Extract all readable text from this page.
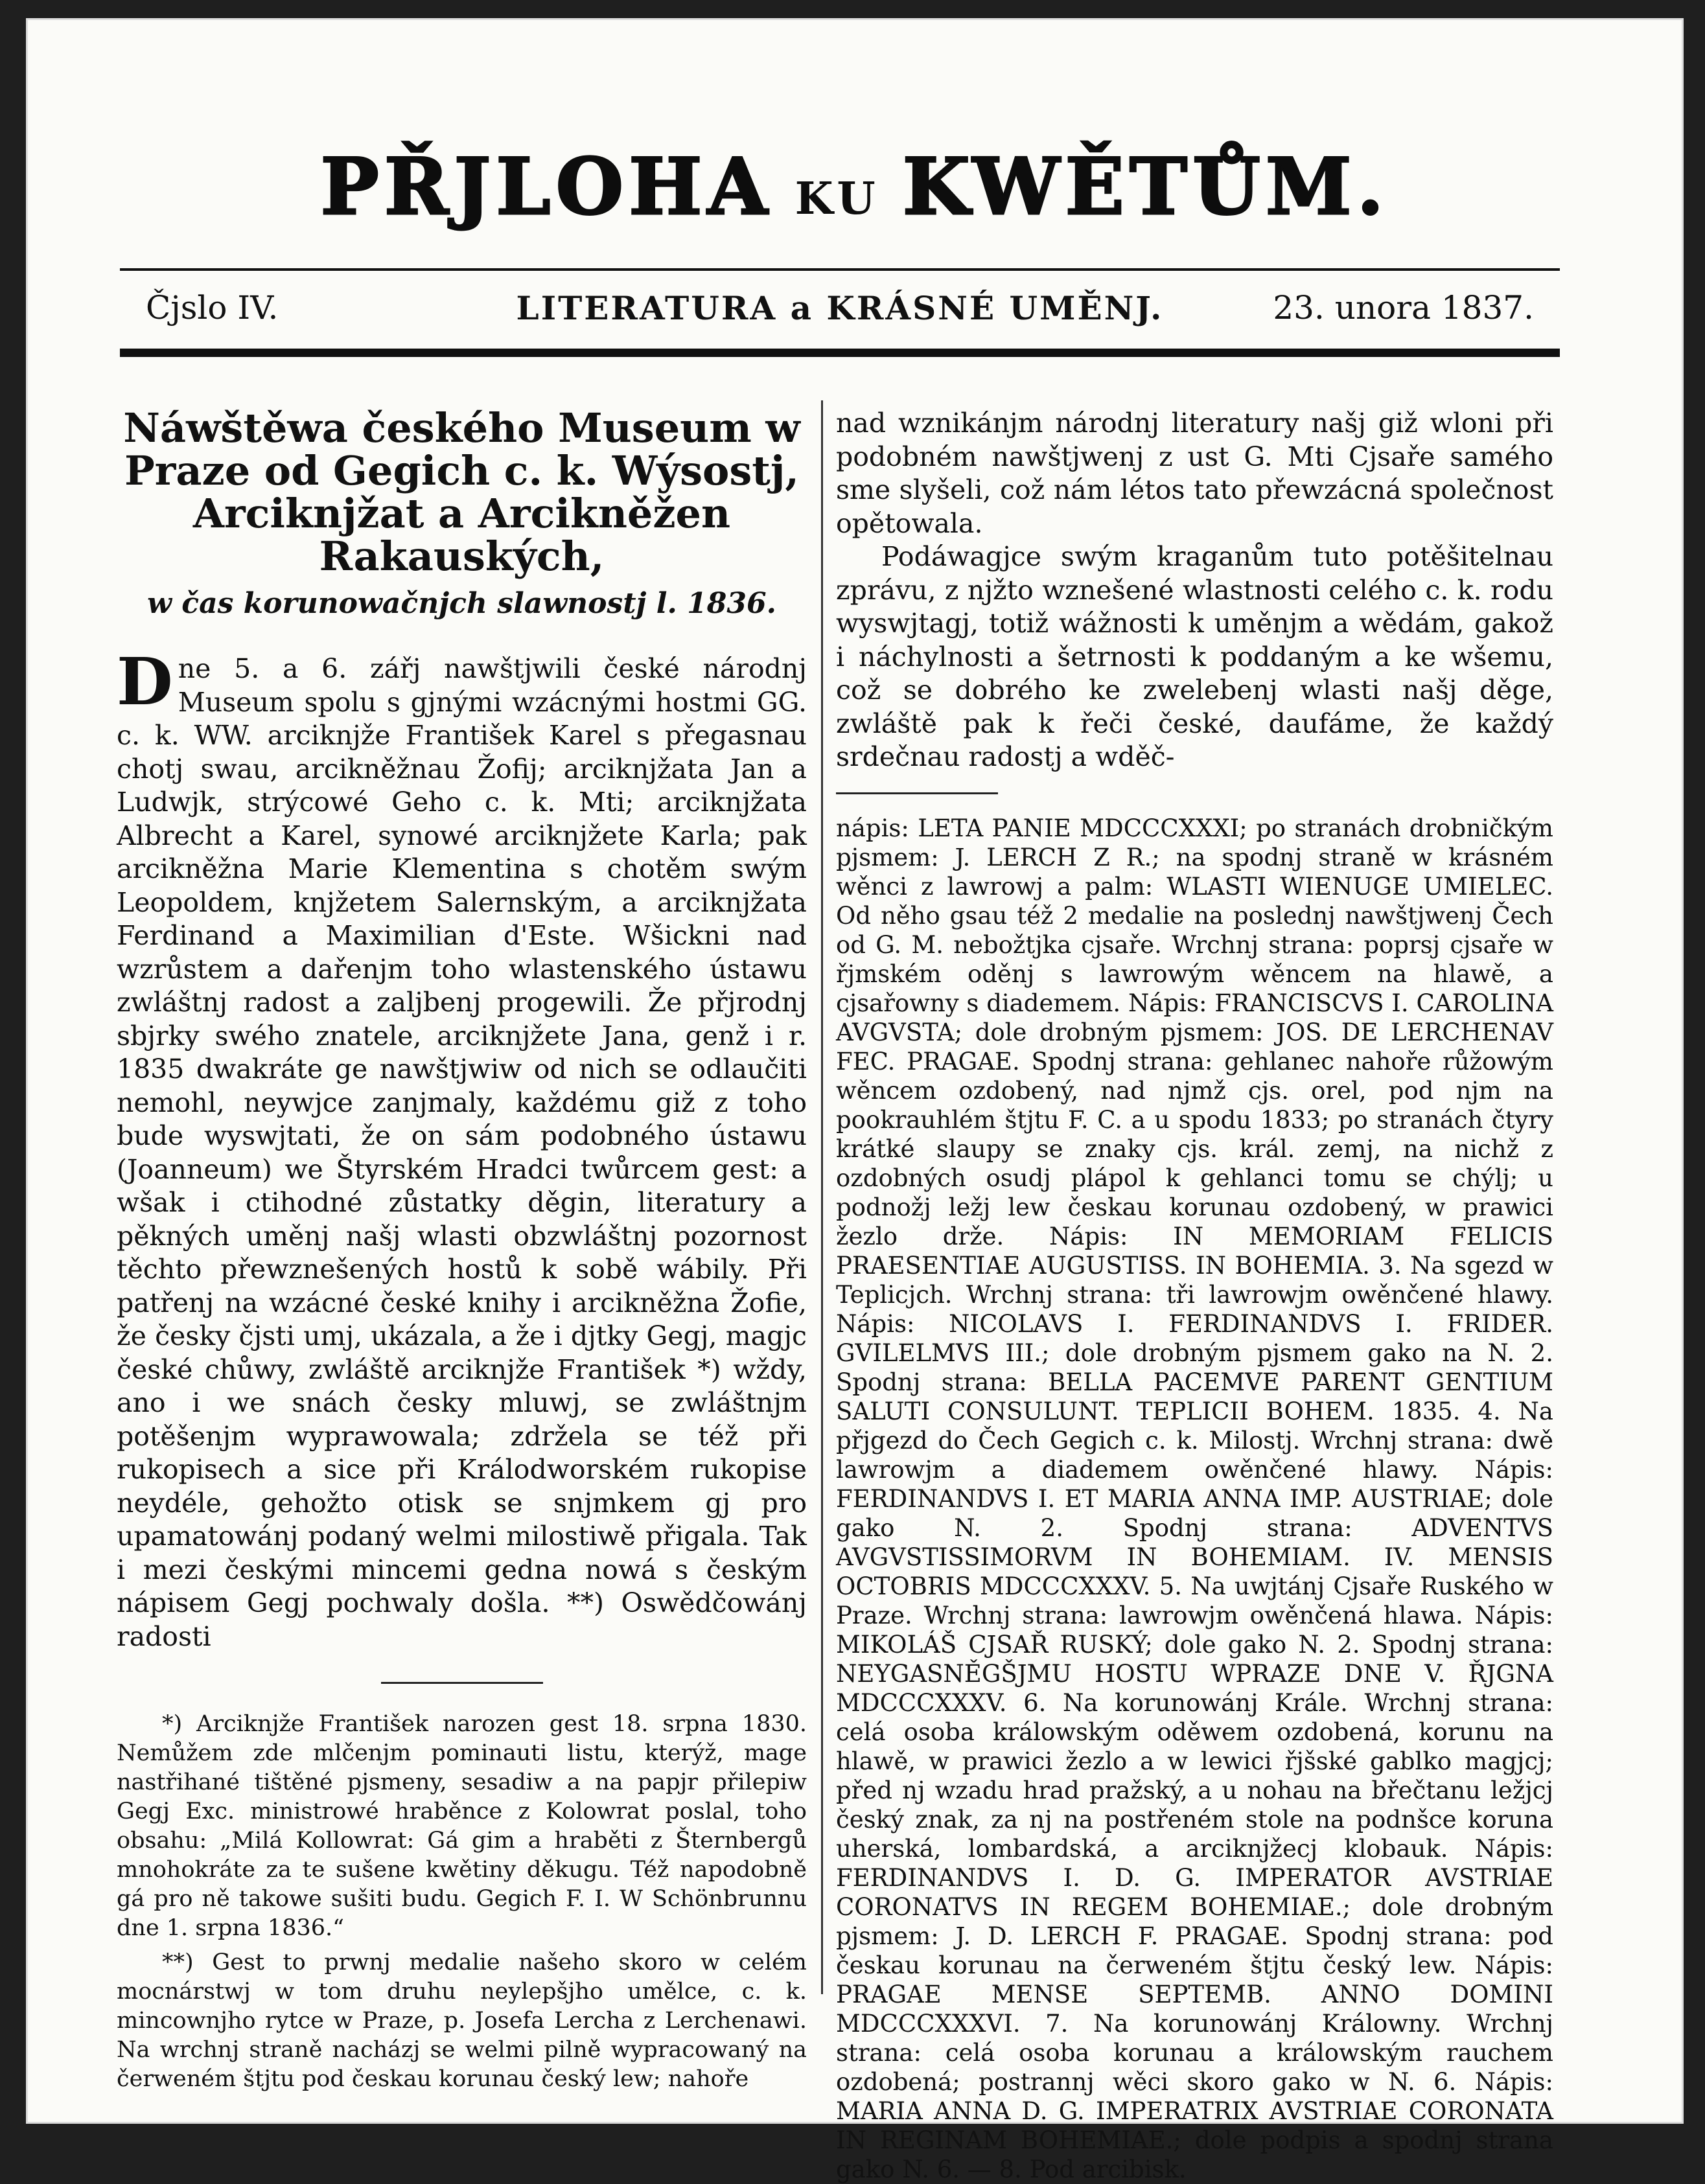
PŘJLOHA KU KWĚTŮM.
Čjslo IV.	LITERATURA a KRÁSNÉ UMĚNJ.	23. unora 1837.
Náwštěwa českého Museum w Praze od Gegich c. k. Wýsostj, Arciknjžat a Arcikněžen Rakauských,
w čas korunowačnjch slawnostj l. 1836.

Dne 5. a 6. zářj nawštjwili české národnj Museum spolu s gjnými wzácnými hostmi GG. c. k. WW. arciknjže František Karel s přegasnau chotj swau, arcikněžnau Žofij; arciknjžata Jan a Ludwjk, strýcowé Geho c. k. Mti; arciknjžata Albrecht a Karel, synowé arciknjžete Karla; pak arcikněžna Marie Klementina s chotěm swým Leopoldem, knjžetem Salernským, a arciknjžata Ferdinand a Maximilian d'Este. Wšickni nad wzrůstem a dařenjm toho wlastenského ústawu zwláštnj radost a zaljbenj progewili. Že přjrodnj sbjrky swého znatele, arciknjžete Jana, genž i r. 1835 dwakráte ge nawštjwiw od nich se odlaučiti nemohl, neywjce zanjmaly, každému giž z toho bude wyswjtati, že on sám podobného ústawu (Joanneum) we Štyrském Hradci twůrcem gest: a wšak i ctihodné zůstatky děgin, literatury a pěkných uměnj našj wlasti obzwláštnj pozornost těchto přewznešených hostů k sobě wábily. Při patřenj na wzácné české knihy i arcikněžna Žofie, že česky čjsti umj, ukázala, a že i djtky Gegj, magjc české chůwy, zwláště arciknjže František *) wždy, ano i we snách česky mluwj, se zwláštnjm potěšenjm wyprawowala; zdržela se též při rukopisech a sice při Králodworském rukopise neydéle, gehožto otisk se snjmkem gj pro upamatowánj podaný welmi milostiwě přigala. Tak i mezi českými mincemi gedna nowá s českým nápisem Gegj pochwaly došla. **) Oswědčowánj radosti

*) Arciknjže František narozen gest 18. srpna 1830. Nemůžem zde mlčenjm pominauti listu, kterýž, mage nastřihané tištěné pjsmeny, sesadiw a na papjr přilepiw Gegj Exc. ministrowé hraběnce z Kolowrat poslal, toho obsahu: „Milá Kollowrat: Gá gim a hraběti z Šternbergů mnohokráte za te sušene kwětiny děkugu. Též napodobně gá pro ně takowe sušiti budu. Gegich F. I. W Schönbrunnu dne 1. srpna 1836.“

**) Gest to prwnj medalie našeho skoro w celém mocnárstwj w tom druhu neylepšjho umělce, c. k. mincownjho rytce w Praze, p. Josefa Lercha z Lerchenawi. Na wrchnj straně nacházj se welmi pilně wypracowaný na čerweném štjtu pod českau korunau český lew; nahoře

nad wznikánjm národnj literatury našj giž wloni při podobném nawštjwenj z ust G. Mti Cjsaře samého sme slyšeli, což nám létos tato přewzácná společnost opětowala.

Podáwagjce swým kraganům tuto potěšitelnau zprávu, z njžto wznešené wlastnosti celého c. k. rodu wyswjtagj, totiž wážnosti k uměnjm a wědám, gakož i náchylnosti a šetrnosti k poddaným a ke wšemu, což se dobrého ke zwelebenj wlasti našj děge, zwláště pak k řeči české, daufáme, že každý srdečnau radostj a wděč-

nápis: LETA PANIE MDCCCXXXI; po stranách drobničkým pjsmem: J. LERCH Z R.; na spodnj straně w krásném wěnci z lawrowj a palm: WLASTI WIENUGE UMIELEC. Od něho gsau též 2 medalie na poslednj nawštjwenj Čech od G. M. nebožtjka cjsaře. Wrchnj strana: poprsj cjsaře w řjmském oděnj s lawrowým wěncem na hlawě, a cjsařowny s diademem. Nápis: FRANCISCVS I. CAROLINA AVGVSTA; dole drobným pjsmem: JOS. DE LERCHENAV FEC. PRAGAE. Spodnj strana: gehlanec nahoře růžowým wěncem ozdobený, nad njmž cjs. orel, pod njm na pookrauhlém štjtu F. C. a u spodu 1833; po stranách čtyry krátké slaupy se znaky cjs. král. zemj, na nichž z ozdobných osudj plápol k gehlanci tomu se chýlj; u podnožj ležj lew českau korunau ozdobený, w prawici žezlo drže. Nápis: IN MEMORIAM FELICIS PRAESENTIAE AUGUSTISS. IN BOHEMIA. 3. Na sgezd w Teplicjch. Wrchnj strana: tři lawrowjm owěnčené hlawy. Nápis: NICOLAVS I. FERDINANDVS I. FRIDER. GVILELMVS III.; dole drobným pjsmem gako na N. 2. Spodnj strana: BELLA PACEMVE PARENT GENTIUM SALUTI CONSULUNT. TEPLICII BOHEM. 1835. 4. Na přjgezd do Čech Gegich c. k. Milostj. Wrchnj strana: dwě lawrowjm a diademem owěnčené hlawy. Nápis: FERDINANDVS I. ET MARIA ANNA IMP. AUSTRIAE; dole gako N. 2. Spodnj strana: ADVENTVS AVGVSTISSIMORVM IN BOHEMIAM. IV. MENSIS OCTOBRIS MDCCCXXXV. 5. Na uwjtánj Cjsaře Ruského w Praze. Wrchnj strana: lawrowjm owěnčená hlawa. Nápis: MIKOLÁŠ CJSAŘ RUSKÝ; dole gako N. 2. Spodnj strana: NEYGASNĚGŠJMU HOSTU WPRAZE DNE V. ŘJGNA MDCCCXXXV. 6. Na korunowánj Krále. Wrchnj strana: celá osoba králowským oděwem ozdobená, korunu na hlawě, w prawici žezlo a w lewici řjšské gablko magjcj; před nj wzadu hrad pražský, a u nohau na břečtanu ležjcj český znak, za nj na postřeném stole na podnšce koruna uherská, lombardská, a arciknjžecj klobauk. Nápis: FERDINANDVS I. D. G. IMPERATOR AVSTRIAE CORONATVS IN REGEM BOHEMIAE.; dole drobným pjsmem: J. D. LERCH F. PRAGAE. Spodnj strana: pod českau korunau na čerweném štjtu český lew. Nápis: PRAGAE MENSE SEPTEMB. ANNO DOMINI MDCCCXXXVI. 7. Na korunowánj Králowny. Wrchnj strana: celá osoba korunau a králowským rauchem ozdobená; postrannj wěci skoro gako w N. 6. Nápis: MARIA ANNA D. G. IMPERATRIX AVSTRIAE CORONATA IN REGINAM BOHEMIAE.; dole podpis a spodnj strana gako N. 6. — 8. Pod arcibisk.
